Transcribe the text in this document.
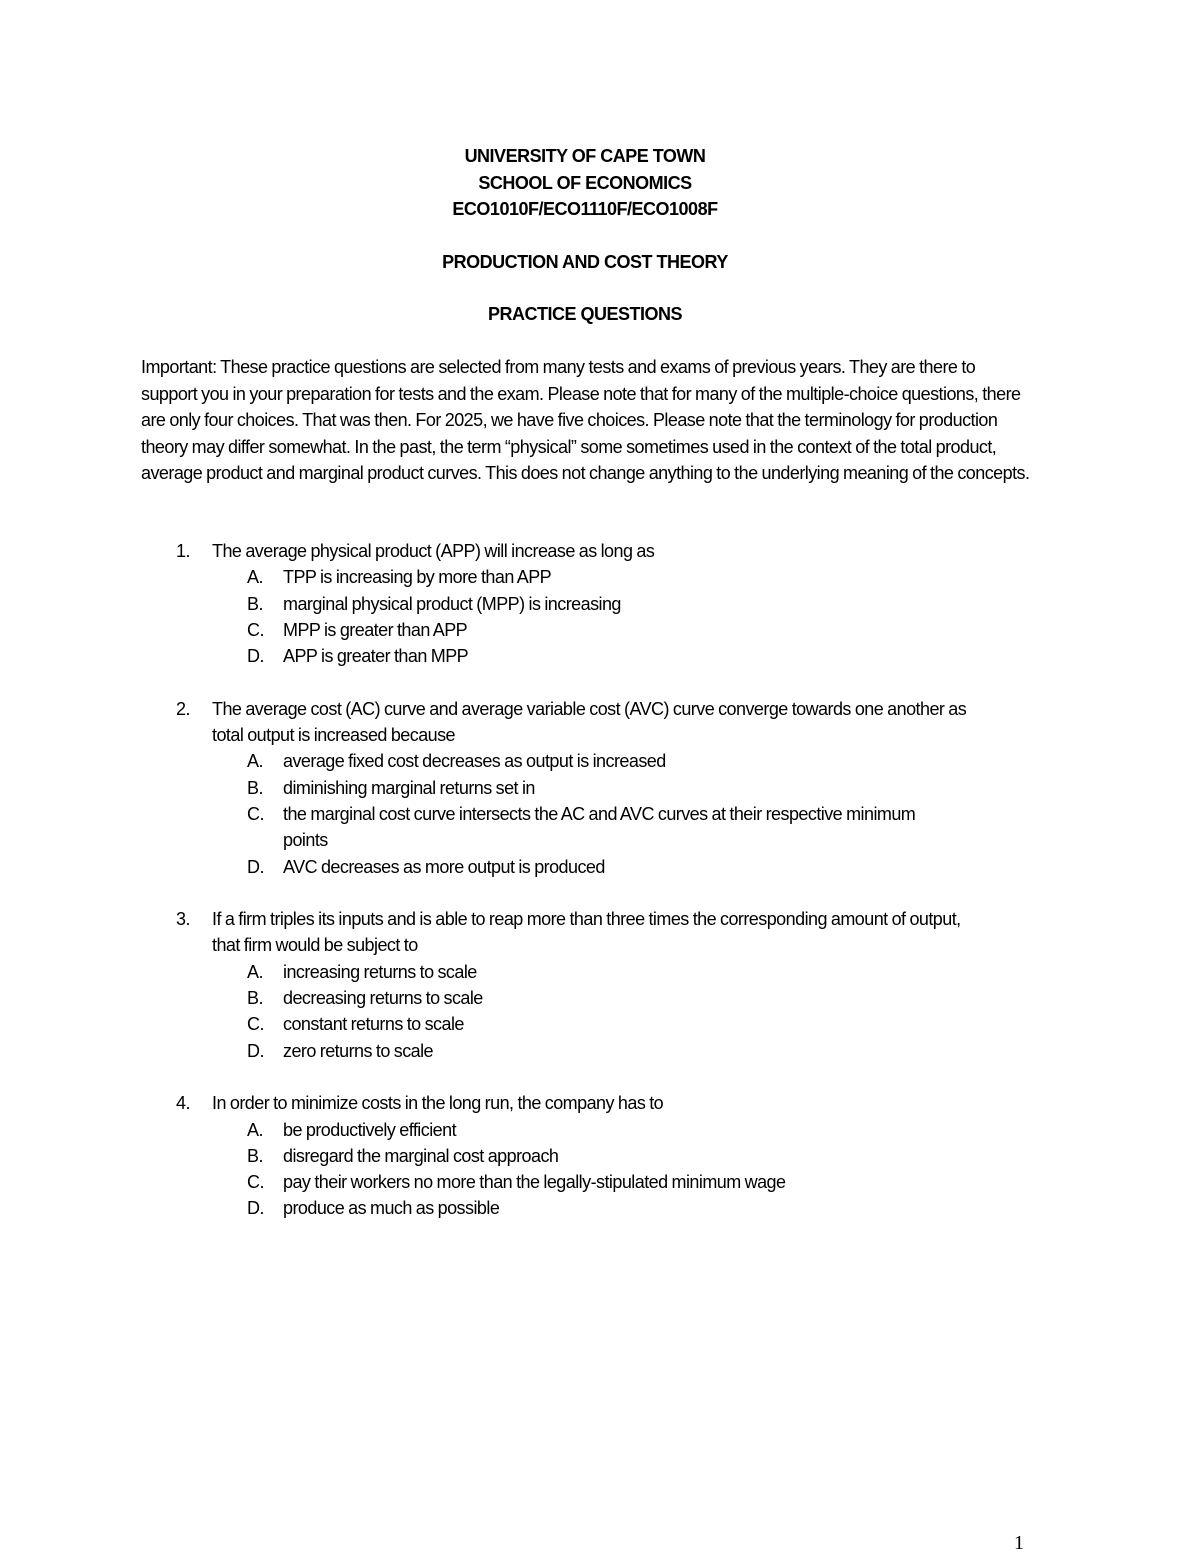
UNIVERSITY OF CAPE TOWN
SCHOOL OF ECONOMICS
ECO1010F/ECO1110F/ECO1008F
PRODUCTION AND COST THEORY
PRACTICE QUESTIONS

Important: These practice questions are selected from many tests and exams of previous years. They are there to support you in your preparation for tests and the exam. Please note that for many of the multiple-choice questions, there are only four choices. That was then. For 2025, we have five choices. Please note that the terminology for production theory may differ somewhat. In the past, the term “physical” some sometimes used in the context of the total product, average product and marginal product curves. This does not change anything to the underlying meaning of the concepts.

1. The average physical product (APP) will increase as long as
A. TPP is increasing by more than APP
B. marginal physical product (MPP) is increasing
C. MPP is greater than APP
D. APP is greater than MPP
2. The average cost (AC) curve and average variable cost (AVC) curve converge towards one another as total output is increased because
A. average fixed cost decreases as output is increased
B. diminishing marginal returns set in
C. the marginal cost curve intersects the AC and AVC curves at their respective minimum points
D. AVC decreases as more output is produced
3. If a firm triples its inputs and is able to reap more than three times the corresponding amount of output, that firm would be subject to
A. increasing returns to scale
B. decreasing returns to scale
C. constant returns to scale
D. zero returns to scale
4. In order to minimize costs in the long run, the company has to
A. be productively efficient
B. disregard the marginal cost approach
C. pay their workers no more than the legally-stipulated minimum wage
D. produce as much as possible
1
